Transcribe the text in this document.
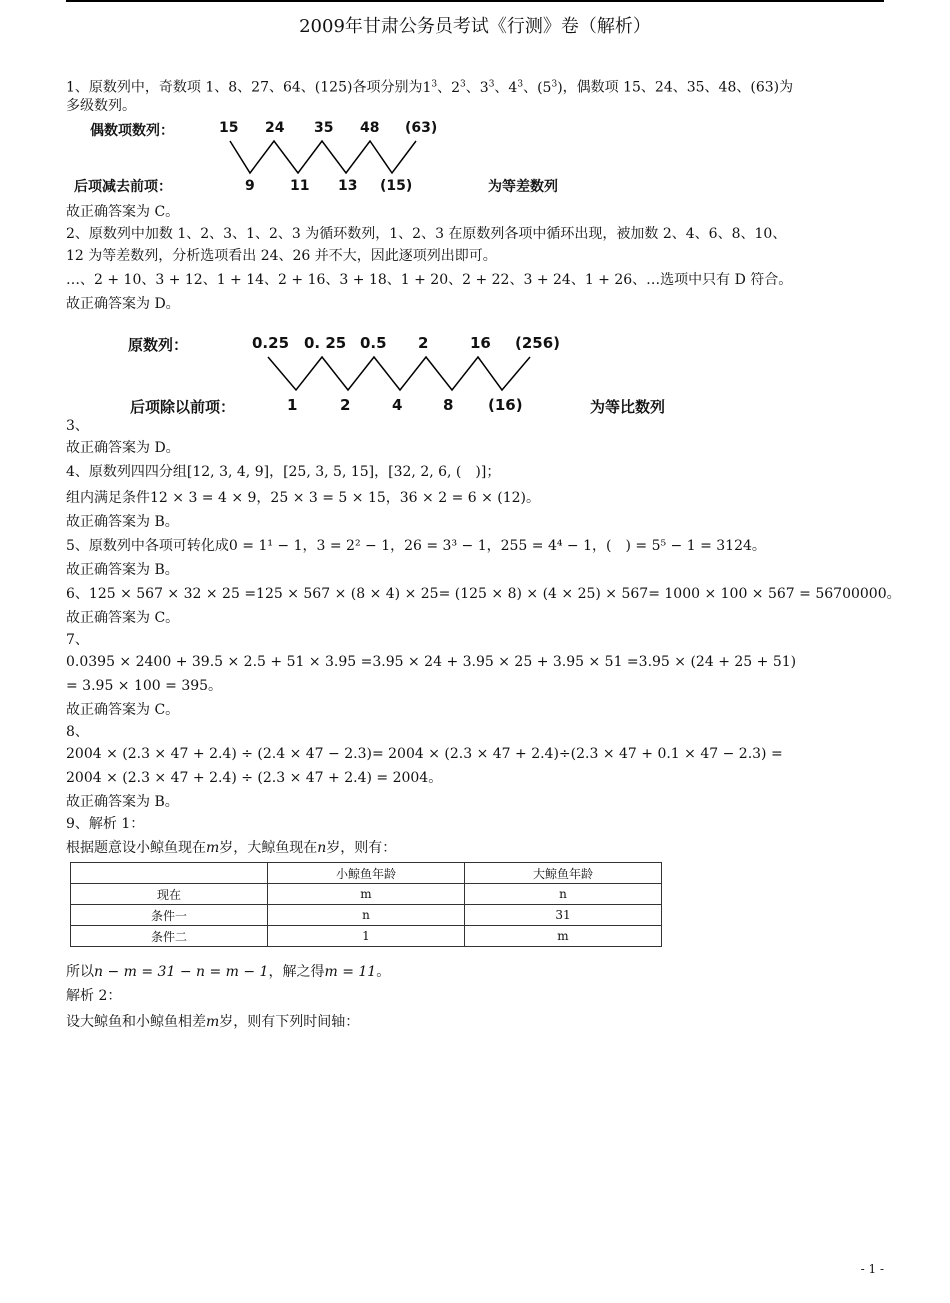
2009年甘肃公务员考试《行测》卷（解析）
1、原数列中，奇数项 1、8、27、64、(125)各项分别为$1^3$、$2^3$、$3^3$、$4^3$、$(5^3)$，偶数项 15、24、35、48、(63)为
多级数列。
偶数项数列：	15 24 35 48 (63)
后项减去前项：	9	11 13 (15)	为等差数列
故正确答案为 C。
2、原数列中加数 1、2、3、1、2、3 为循环数列，1、2、3 在原数列各项中循环出现，被加数 2、4、6、8、10、
12 为等差数列，分析选项看出 24、26 并不大，因此逐项列出即可。
…、2 + 10、3 + 12、1 + 14、2 + 16、3 + 18、1 + 20、2 + 22、3 + 24、1 + 26、…选项中只有 D 符合。
故正确答案为 D。
原数列：	0.25 0. 25 0.5 2	16 (256)
后项除以前项：	1	2	4	8 (16)	为等比数列
3、
故正确答案为 D。
4、原数列四四分组[12, 3, 4, 9]，[25, 3, 5, 15]，[32, 2, 6, (　)]；
组内满足条件12 × 3 = 4 × 9，25 × 3 = 5 × 15，36 × 2 = 6 × (12)。
故正确答案为 B。
5、原数列中各项可转化成0 = 1¹ − 1，3 = 2² − 1，26 = 3³ − 1，255 = 4⁴ − 1，(　) = 5⁵ − 1 = 3124。
故正确答案为 B。
6、125 × 567 × 32 × 25 =125 × 567 × (8 × 4) × 25= (125 × 8) × (4 × 25) × 567= 1000 × 100 × 567 = 56700000。
故正确答案为 C。
7、
0.0395 × 2400 + 39.5 × 2.5 + 51 × 3.95 =3.95 × 24 + 3.95 × 25 + 3.95 × 51 =3.95 × (24 + 25 + 51)
= 3.95 × 100 = 395。
故正确答案为 C。
8、
2004 × (2.3 × 47 + 2.4) ÷ (2.4 × 47 − 2.3)= 2004 × (2.3 × 47 + 2.4)÷(2.3 × 47 + 0.1 × 47 − 2.3) =
2004 × (2.3 × 47 + 2.4) ÷ (2.3 × 47 + 2.4) = 2004。
故正确答案为 B。
9、解析 1：
根据题意设小鲸鱼现在m岁，大鲸鱼现在n岁，则有：
	小鲸鱼年龄	大鲸鱼年龄
现在	m	n
条件一	n	31
条件二	1	m
所以n − m = 31 − n = m − 1，解之得m = 11。
解析 2：
设大鲸鱼和小鲸鱼相差m岁，则有下列时间轴：
- 1 -
